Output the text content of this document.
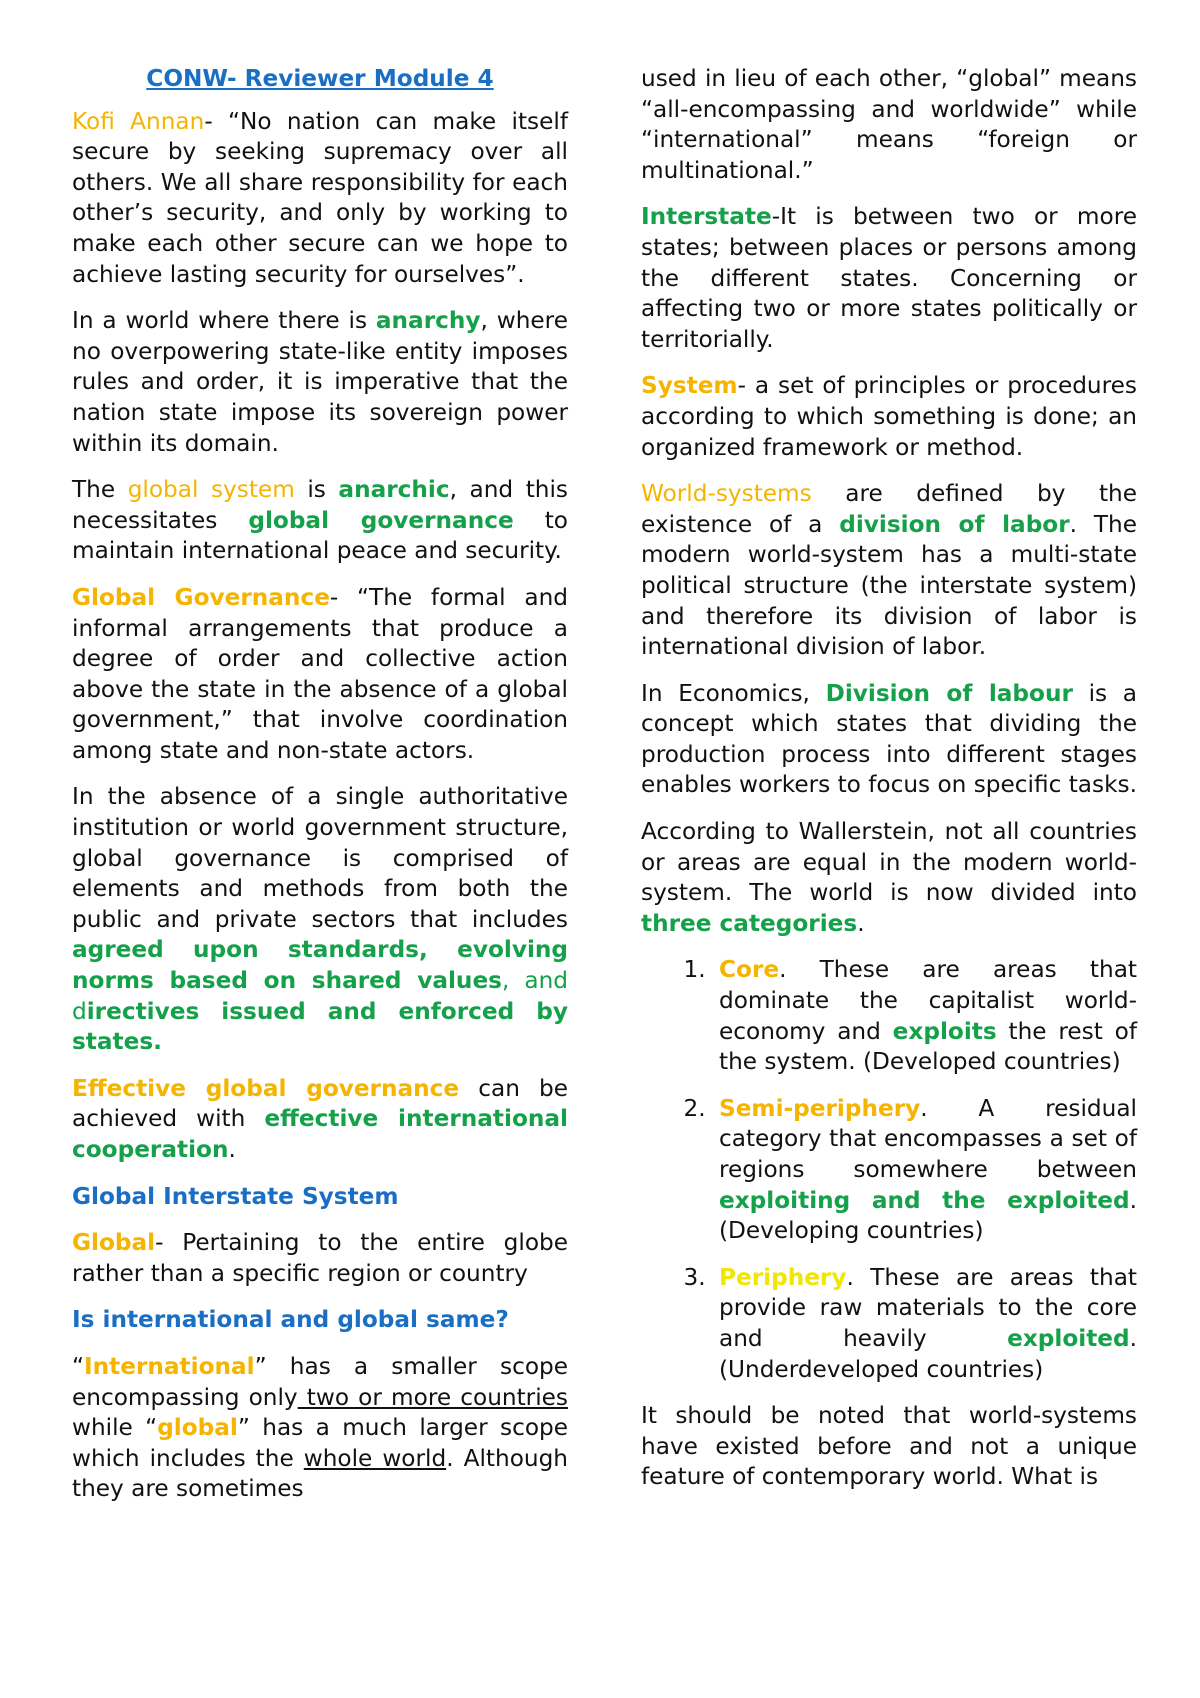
CONW- Reviewer Module 4

Kofi Annan- “No nation can make itself secure by seeking supremacy over all others. We all share responsibility for each other’s security, and only by working to make each other secure can we hope to achieve lasting security for ourselves”.

In a world where there is anarchy, where no overpowering state-like entity imposes rules and order, it is imperative that the nation state impose its sovereign power within its domain.

The global system is anarchic, and this necessitates global governance to maintain international peace and security.

Global Governance- “The formal and informal arrangements that produce a degree of order and collective action above the state in the absence of a global government,” that involve coordination among state and non-state actors.

In the absence of a single authoritative institution or world government structure, global governance is comprised of elements and methods from both the public and private sectors that includes agreed upon standards, evolving norms based on shared values, and directives issued and enforced by states.

Effective global governance can be achieved with effective international cooperation.

Global Interstate System

Global- Pertaining to the entire globe rather than a specific region or country

Is international and global same?

“International” has a smaller scope encompassing only two or more countries while “global” has a much larger scope which includes the whole world. Although they are sometimes

used in lieu of each other, “global” means “all-encompassing and worldwide” while “international” means “foreign or multinational.”

Interstate-It is between two or more states; between places or persons among the different states. Concerning or affecting two or more states politically or territorially.

System- a set of principles or procedures according to which something is done; an organized framework or method.

World-systems are defined by the existence of a division of labor. The modern world-system has a multi-state political structure (the interstate system) and therefore its division of labor is international division of labor.

In Economics, Division of labour is a concept which states that dividing the production process into different stages enables workers to focus on specific tasks.

According to Wallerstein, not all countries or areas are equal in the modern world-system. The world is now divided into three categories.

1. Core. These are areas that dominate the capitalist world-economy and exploits the rest of the system. (Developed countries)
2. Semi-periphery. A residual category that encompasses a set of regions somewhere between exploiting and the exploited. (Developing countries)
3. Periphery. These are areas that provide raw materials to the core and heavily exploited. (Underdeveloped countries)

It should be noted that world-systems have existed before and not a unique feature of contemporary world. What is
